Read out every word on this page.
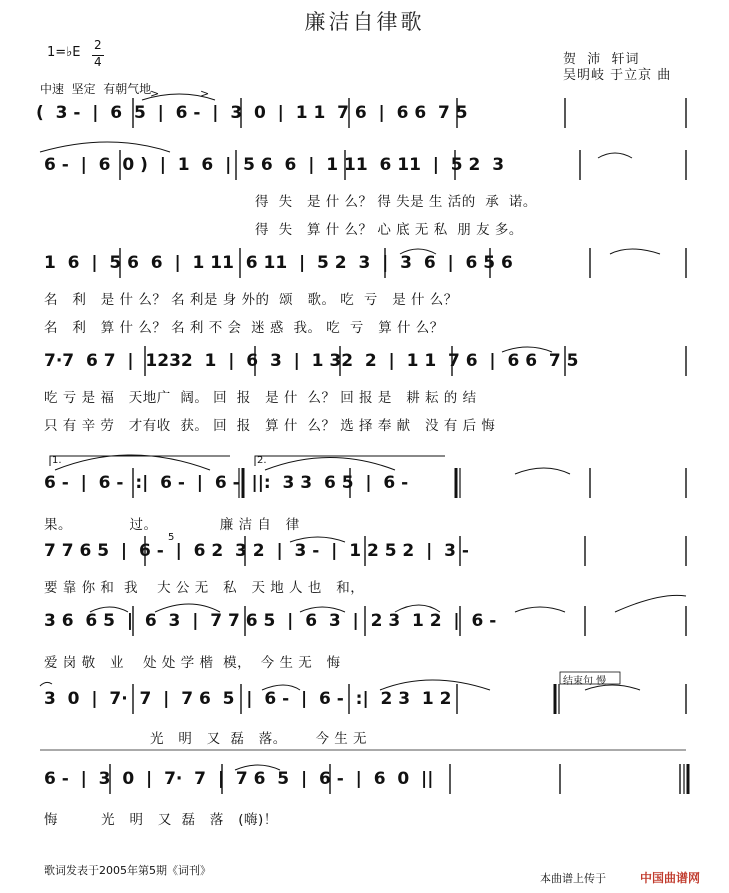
廉洁自律歌
1=♭E 2
4
中速  坚定  有朝气地
贺  沛  轩词
吴明岐 于立京 曲
>	>
(  3 -  |  6  5  |  6 -  |  3  0  |  1 1  7 6  |  6 6  7 5
6 -  |  6  0 )  |  1  6  |  5 6  6  |  1 11  6 11  |  5 2  3
得  失   是 什 么？ 得 失是 生 活的  承  诺。
得  失   算 什 么？ 心 底 无 私  朋 友 多。
1  6  |  5 6  6  |  1 11  6 11  |  5 2  3  |  3  6  |  6 5 6
名   利   是 什 么？ 名 利是 身 外的  颂   歌。 吃  亏   是 什 么？
名   利   算 什 么？ 名 利 不 会  迷 惑  我。 吃  亏   算 什 么？
7·7  6 7  |  1232  1  |  6  3  |  1 32  2  |  1 1  7 6  |  6 6  7 5
吃 亏 是 福   天地广  阔。 回  报   是 什  么？ 回 报 是   耕 耘 的 结
只 有 辛 劳   才有收  获。 回  报   算 什  么？ 选 择 奉 献   没 有 后 悔
1.	2.
6 -  |  6 -  :|  6 -  |  6 -  ||:  3 3  6 5  |  6 -
果。            过。             廉 洁 自   律
5
7 7 6 5  |  6 -  |  6 2  3 2  |  3 -  |  1 2 5 2  |  3 -
要 靠 你 和  我    大 公 无   私   天 地 人 也   和，
3 6  6 5  |  6  3  |  7 7 6 5  |  6  3  |  2 3  1 2  |  6 -
爱 岗 敬   业    处 处 学 楷  模，  今 生 无   悔
结束句 慢
3  0  |  7·  7  |  7 6  5  |  6 -  |  6 -  :|  2 3  1 2
光   明   又  磊   落。      今 生 无
6 -  |  3  0  |  7·  7  |  7 6  5  |  6 -  |  6  0  ||
悔         光   明   又  磊   落   (嗨)！
歌词发表于2005年第5期《词刊》
本曲谱上传于	中国曲谱网
